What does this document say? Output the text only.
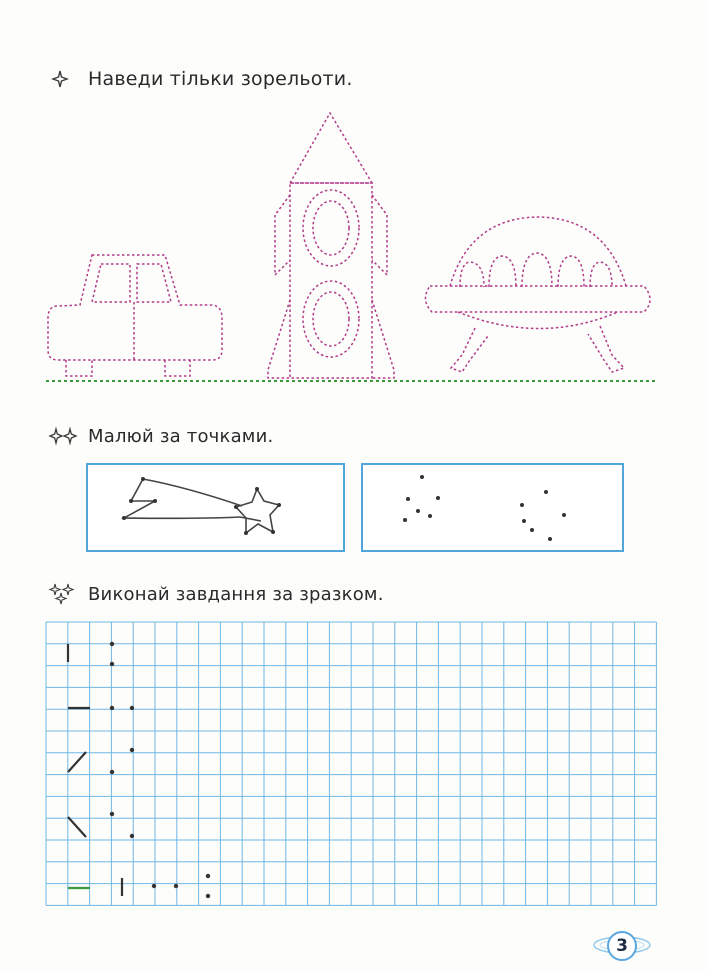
Наведи тільки зорельоти.
Малюй за точками.
Виконай завдання за зразком.
3
